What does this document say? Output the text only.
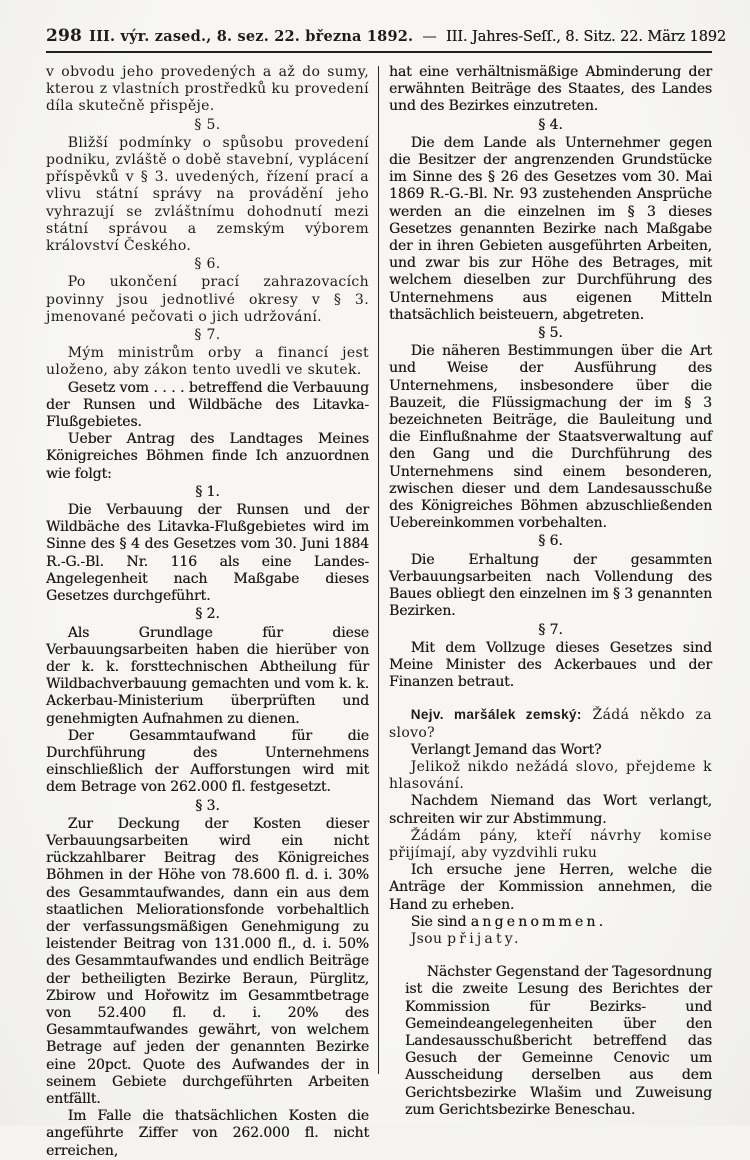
298 III. výr. zased., 8. sez. 22. března 1892. — III. Jahres-Seſſ., 8. Sitz. 22. März 1892

v obvodu jeho provedených a až do sumy, kterou z vlastních prostředků ku provedení díla skutečně přispěje.

§ 5.

Bližší podmínky o spůsobu provedení podniku, zvláště o době stavební, vyplácení příspěvků v § 3. uvedených, řízení prací a vlivu státní správy na provádění jeho vyhrazují se zvláštnímu dohodnutí mezi státní správou a zemským výborem království Českého.

§ 6.

Po ukončení prací zahrazovacích povinny jsou jednotlivé okresy v § 3. jmenované pečovati o jich udržování.

§ 7.

Mým ministrům orby a financí jest uloženo, aby zákon tento uvedli ve skutek.

Gesetz vom . . . . betreffend die Verbauung der Runsen und Wildbäche des Litavka-Flußgebietes.

Ueber Antrag des Landtages Meines Königreiches Böhmen finde Ich anzuordnen wie folgt:

§ 1.

Die Verbauung der Runsen und der Wildbäche des Litavka-Flußgebietes wird im Sinne des § 4 des Gesetzes vom 30. Juni 1884 R.-G.-Bl. Nr. 116 als eine Landes-Angelegenheit nach Maßgabe dieses Gesetzes durchgeführt.

§ 2.

Als Grundlage für diese Verbauungsarbeiten haben die hierüber von der k. k. forsttechnischen Abtheilung für Wildbachverbauung gemachten und vom k. k. Ackerbau-Ministerium überprüften und genehmigten Aufnahmen zu dienen.

Der Gesammtaufwand für die Durchführung des Unternehmens einschließlich der Aufforstungen wird mit dem Betrage von 262.000 fl. festgesetzt.

§ 3.

Zur Deckung der Kosten dieser Verbauungsarbeiten wird ein nicht rückzahlbarer Beitrag des Königreiches Böhmen in der Höhe von 78.600 fl. d. i. 30% des Gesammtaufwandes, dann ein aus dem staatlichen Meliorationsfonde vorbehaltlich der verfassungsmäßigen Genehmigung zu leistender Beitrag von 131.000 fl., d. i. 50% des Gesammtaufwandes und endlich Beiträge der betheiligten Bezirke Beraun, Pürglitz, Zbirow und Hořowitz im Gesammtbetrage von 52.400 fl. d. i. 20% des Gesammtaufwandes gewährt, von welchem Betrage auf jeden der genannten Bezirke eine 20pct. Quote des Aufwandes der in seinem Gebiete durchgeführten Arbeiten entfällt.

Im Falle die thatsächlichen Kosten die angeführte Ziffer von 262.000 fl. nicht erreichen,

hat eine verhältnismäßige Abminderung der erwähnten Beiträge des Staates, des Landes und des Bezirkes einzutreten.

§ 4.

Die dem Lande als Unternehmer gegen die Besitzer der angrenzenden Grundstücke im Sinne des § 26 des Gesetzes vom 30. Mai 1869 R.-G.-Bl. Nr. 93 zustehenden Ansprüche werden an die einzelnen im § 3 dieses Gesetzes genannten Bezirke nach Maßgabe der in ihren Gebieten ausgeführten Arbeiten, und zwar bis zur Höhe des Betrages, mit welchem dieselben zur Durchführung des Unternehmens aus eigenen Mitteln thatsächlich beisteuern, abgetreten.

§ 5.

Die näheren Bestimmungen über die Art und Weise der Ausführung des Unternehmens, insbesondere über die Bauzeit, die Flüssigmachung der im § 3 bezeichneten Beiträge, die Bauleitung und die Einflußnahme der Staatsverwaltung auf den Gang und die Durchführung des Unternehmens sind einem besonderen, zwischen dieser und dem Landesausschuße des Königreiches Böhmen abzuschließenden Uebereinkommen vorbehalten.

§ 6.

Die Erhaltung der gesammten Verbauungsarbeiten nach Vollendung des Baues obliegt den einzelnen im § 3 genannten Bezirken.

§ 7.

Mit dem Vollzuge dieses Gesetzes sind Meine Minister des Ackerbaues und der Finanzen betraut.

Nejv. maršálek zemský: Žádá někdo za slovo?

Verlangt Jemand das Wort?

Jelikož nikdo nežádá slovo, přejdeme k hlasování.

Nachdem Niemand das Wort verlangt, schreiten wir zur Abstimmung.

Žádám pány, kteří návrhy komise přijímají, aby vyzdvihli ruku

Ich ersuche jene Herren, welche die Anträge der Kommission annehmen, die Hand zu erheben.

Sie sind angenommen.

Jsou přijaty.

Nächster Gegenstand der Tagesordnung ist die zweite Lesung des Berichtes der Kommission für Bezirks- und Gemeindeangelegenheiten über den Landesausschußbericht betreffend das Gesuch der Gemeinne Cenovic um Ausscheidung derselben aus dem Gerichtsbezirke Wlašim und Zuweisung zum Gerichtsbezirke Beneschau.
